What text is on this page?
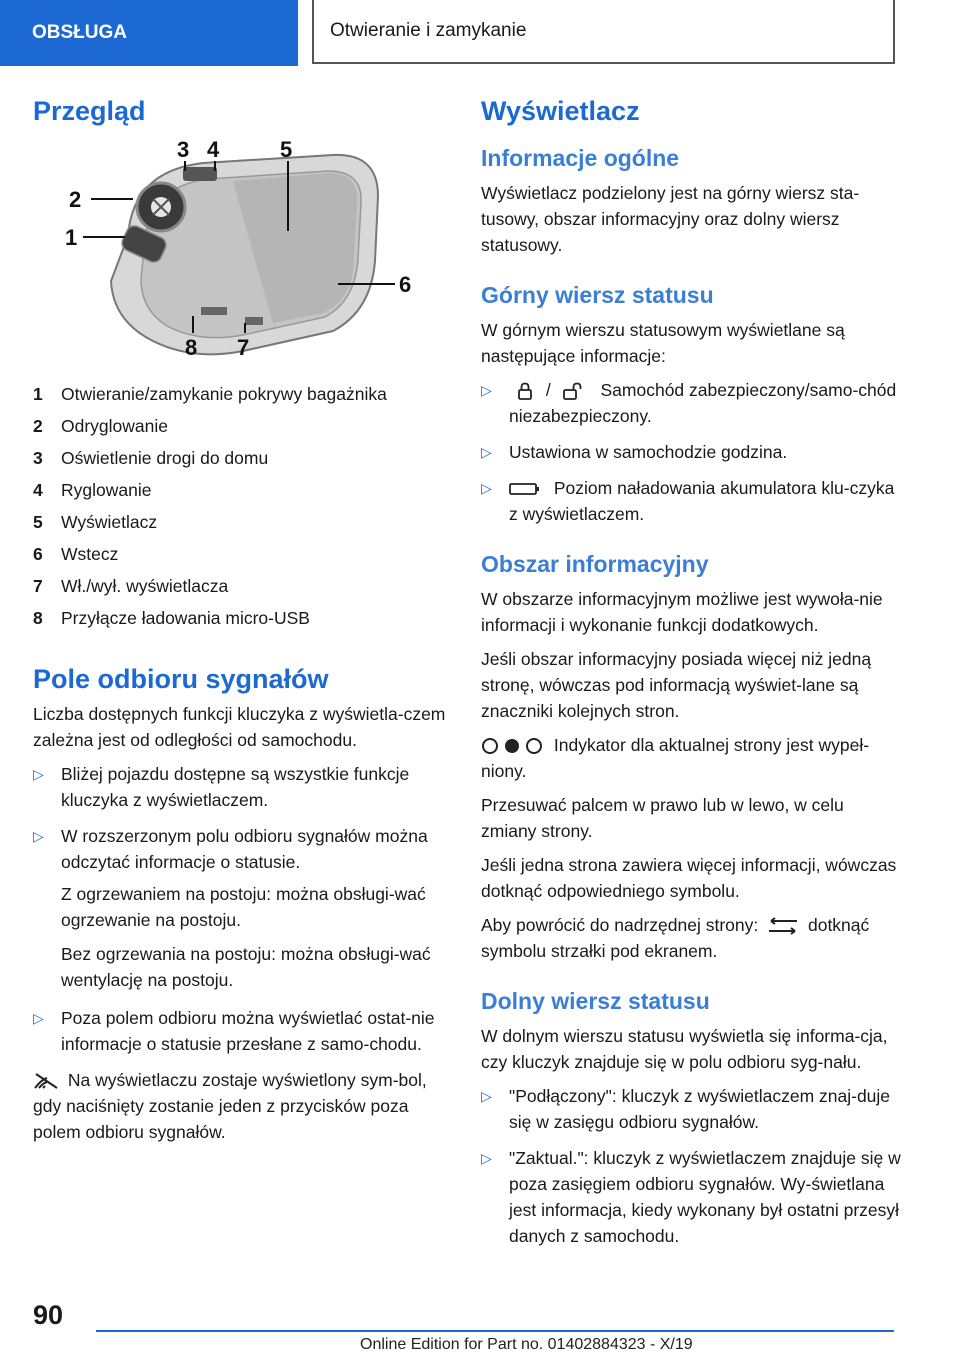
OBSŁUGA	Otwieranie i zamykanie
Przegląd
2
1
3 4	5
6
8 7
1	Otwieranie/zamykanie pokrywy bagażnika
2	Odryglowanie
3	Oświetlenie drogi do domu
4	Ryglowanie
5	Wyświetlacz
6	Wstecz
7	Wł./wył. wyświetlacza
8	Przyłącze ładowania micro-USB
Pole odbioru sygnałów

Liczba dostępnych funkcji kluczyka z wyświetla-czem zależna jest od odległości od samochodu.

▷ Bliżej pojazdu dostępne są wszystkie funkcje kluczyka z wyświetlaczem.
▷ W rozszerzonym polu odbioru sygnałów można odczytać informacje o statusie.

Z ogrzewaniem na postoju: można obsługi-wać ogrzewanie na postoju.

Bez ogrzewania na postoju: można obsługi-wać wentylację na postoju.

▷ Poza polem odbioru można wyświetlać ostat-nie informacje o statusie przesłane z samo-chodu.

Na wyświetlaczu zostaje wyświetlony sym-bol, gdy naciśnięty zostanie jeden z przycisków poza polem odbioru sygnałów.

Wyświetlacz
Informacje ogólne

Wyświetlacz podzielony jest na górny wiersz sta-tusowy, obszar informacyjny oraz dolny wiersz statusowy.

Górny wiersz statusu

W górnym wierszu statusowym wyświetlane są następujące informacje:

▷	/	Samochód zabezpieczony/samo-chód niezabezpieczony.
▷ Ustawiona w samochodzie godzina.
▷	Poziom naładowania akumulatora klu-czyka z wyświetlaczem.
Obszar informacyjny

W obszarze informacyjnym możliwe jest wywoła-nie informacji i wykonanie funkcji dodatkowych.

Jeśli obszar informacyjny posiada więcej niż jedną stronę, wówczas pod informacją wyświet-lane są znaczniki kolejnych stron.

Indykator dla aktualnej strony jest wypeł-niony.

Przesuwać palcem w prawo lub w lewo, w celu zmiany strony.

Jeśli jedna strona zawiera więcej informacji, wówczas dotknąć odpowiedniego symbolu.

Aby powrócić do nadrzędnej strony:	dotknąć symbolu strzałki pod ekranem.

Dolny wiersz statusu

W dolnym wierszu statusu wyświetla się informa-cja, czy kluczyk znajduje się w polu odbioru syg-nału.

▷ "Podłączony": kluczyk z wyświetlaczem znaj-duje się w zasięgu odbioru sygnałów.
▷ "Zaktual.": kluczyk z wyświetlaczem znajduje się w poza zasięgiem odbioru sygnałów. Wy-świetlana jest informacja, kiedy wykonany był ostatni przesył danych z samochodu.
90
Online Edition for Part no. 01402884323 - X/19
